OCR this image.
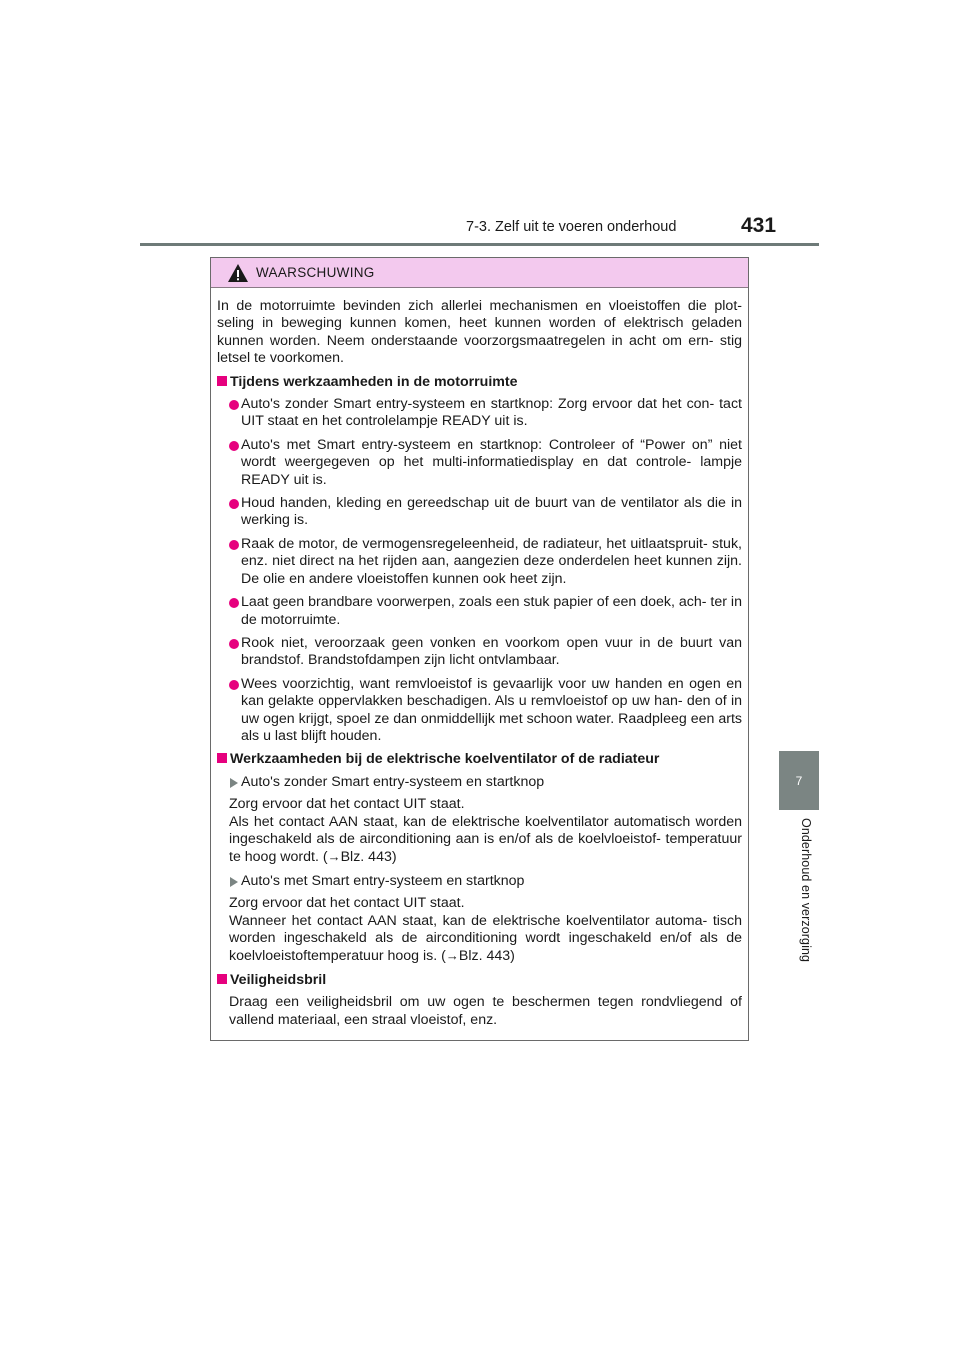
7-3. Zelf uit te voeren onderhoud	431
7
Onderhoud en verzorging
WAARSCHUWING

In de motorruimte bevinden zich allerlei mechanismen en vloeistoffen die plot- seling in beweging kunnen komen, heet kunnen worden of elektrisch geladen kunnen worden. Neem onderstaande voorzorgsmaatregelen in acht om ern- stig letsel te voorkomen.

Tijdens werkzaamheden in de motorruimte
Auto's zonder Smart entry-systeem en startknop: Zorg ervoor dat het con- tact UIT staat en het controlelampje READY uit is.
Auto's met Smart entry-systeem en startknop: Controleer of “Power on” niet wordt weergegeven op het multi-informatiedisplay en dat controle- lampje READY uit is.
Houd handen, kleding en gereedschap uit de buurt van de ventilator als die in werking is.
Raak de motor, de vermogensregeleenheid, de radiateur, het uitlaatspruit- stuk, enz. niet direct na het rijden aan, aangezien deze onderdelen heet kunnen zijn. De olie en andere vloeistoffen kunnen ook heet zijn.
Laat geen brandbare voorwerpen, zoals een stuk papier of een doek, ach- ter in de motorruimte.
Rook niet, veroorzaak geen vonken en voorkom open vuur in de buurt van brandstof. Brandstofdampen zijn licht ontvlambaar.
Wees voorzichtig, want remvloeistof is gevaarlijk voor uw handen en ogen en kan gelakte oppervlakken beschadigen. Als u remvloeistof op uw han- den of in uw ogen krijgt, spoel ze dan onmiddellijk met schoon water. Raadpleeg een arts als u last blijft houden.
Werkzaamheden bij de elektrische koelventilator of de radiateur
Auto's zonder Smart entry-systeem en startknop

Zorg ervoor dat het contact UIT staat.
Als het contact AAN staat, kan de elektrische koelventilator automatisch worden ingeschakeld als de airconditioning aan is en/of als de koelvloeistof- temperatuur te hoog wordt. (→Blz. 443)

Auto's met Smart entry-systeem en startknop

Zorg ervoor dat het contact UIT staat.
Wanneer het contact AAN staat, kan de elektrische koelventilator automa- tisch worden ingeschakeld als de airconditioning wordt ingeschakeld en/of als de koelvloeistoftemperatuur hoog is. (→Blz. 443)

Veiligheidsbril

Draag een veiligheidsbril om uw ogen te beschermen tegen rondvliegend of vallend materiaal, een straal vloeistof, enz.
